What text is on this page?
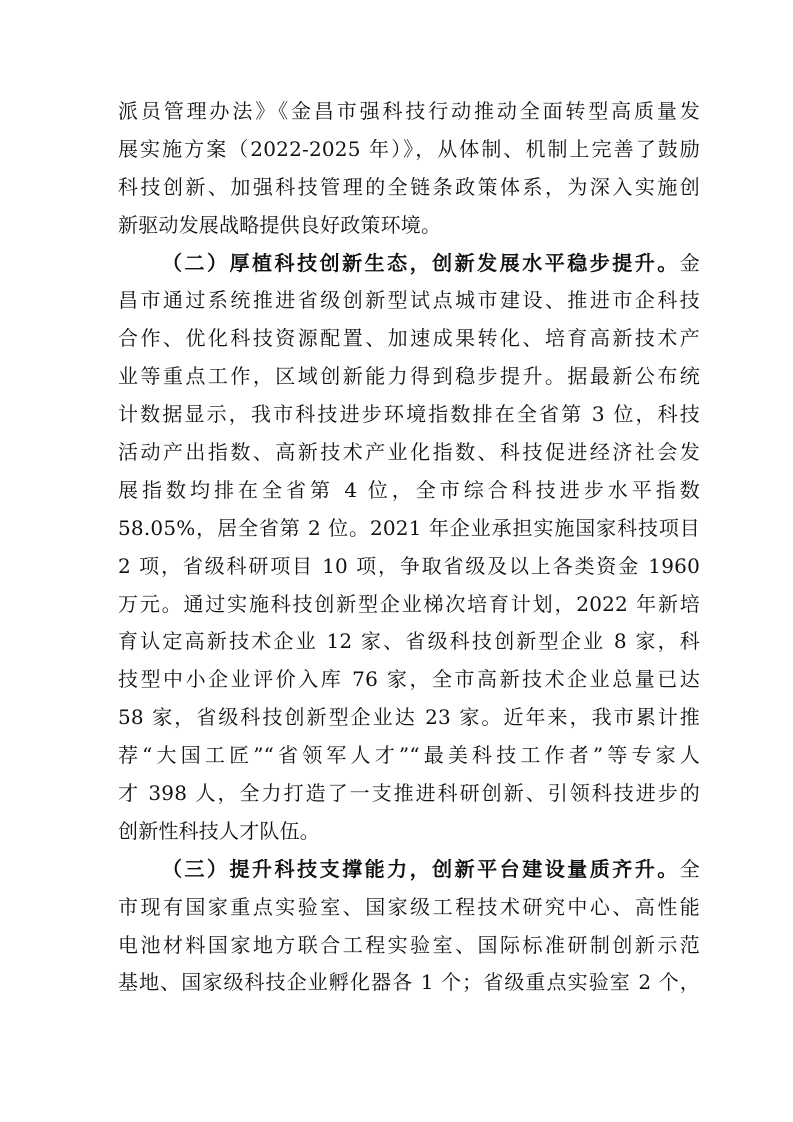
派员管理办法》《金昌市强科技行动推动全面转型高质量发
展实施方案（2022-2025 年）》，从体制、机制上完善了鼓励
科技创新、加强科技管理的全链条政策体系，为深入实施创
新驱动发展战略提供良好政策环境。
（二）厚植科技创新生态，创新发展水平稳步提升。金
昌市通过系统推进省级创新型试点城市建设、推进市企科技
合作、优化科技资源配置、加速成果转化、培育高新技术产
业等重点工作，区域创新能力得到稳步提升。据最新公布统
计数据显示，我市科技进步环境指数排在全省第 3 位，科技
活动产出指数、高新技术产业化指数、科技促进经济社会发
展指数均排在全省第 4 位，全市综合科技进步水平指数
58.05%，居全省第 2 位。2021 年企业承担实施国家科技项目
2 项，省级科研项目 10 项，争取省级及以上各类资金 1960
万元。通过实施科技创新型企业梯次培育计划，2022 年新培
育认定高新技术企业 12 家、省级科技创新型企业 8 家，科
技型中小企业评价入库 76 家，全市高新技术企业总量已达
58 家，省级科技创新型企业达 23 家。近年来，我市累计推
荐“大国工匠”“省领军人才”“最美科技工作者”等专家人
才 398 人，全力打造了一支推进科研创新、引领科技进步的
创新性科技人才队伍。
（三）提升科技支撑能力，创新平台建设量质齐升。全
市现有国家重点实验室、国家级工程技术研究中心、高性能
电池材料国家地方联合工程实验室、国际标准研制创新示范
基地、国家级科技企业孵化器各 1 个；省级重点实验室 2 个，
